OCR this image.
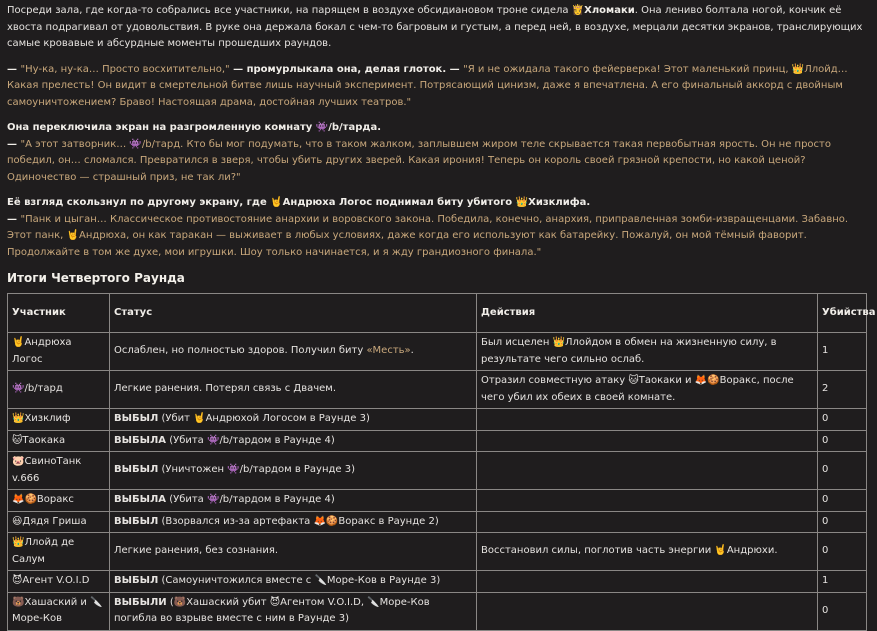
Посреди зала, где когда-то собрались все участники, на парящем в воздухе обсидиановом троне сидела 👸Хломаки. Она лениво болтала ногой, кончик её хвоста подрагивал от удовольствия. В руке она держала бокал с чем-то багровым и густым, а перед ней, в воздухе, мерцали десятки экранов, транслирующих самые кровавые и абсурдные моменты прошедших раундов.

— "Ну-ка, ну-ка… Просто восхитительно," — промурлыкала она, делая глоток. — "Я и не ожидала такого фейерверка! Этот маленький принц, 👑Ллойд… Какая прелесть! Он видит в смертельной битве лишь научный эксперимент. Потрясающий цинизм, даже я впечатлена. А его финальный аккорд с двойным самоуничтожением? Браво! Настоящая драма, достойная лучших театров."

Она переключила экран на разгромленную комнату 👾/b/тарда.
— "А этот затворник… 👾/b/тард. Кто бы мог подумать, что в таком жалком, заплывшем жиром теле скрывается такая первобытная ярость. Он не просто победил, он… сломался. Превратился в зверя, чтобы убить других зверей. Какая ирония! Теперь он король своей грязной крепости, но какой ценой? Одиночество — страшный приз, не так ли?"

Её взгляд скользнул по другому экрану, где 🤘Андрюха Логос поднимал биту убитого 👑Хизклифа.
— "Панк и цыган… Классическое противостояние анархии и воровского закона. Победила, конечно, анархия, приправленная зомби-извращенцами. Забавно. Этот панк, 🤘Андрюха, он как таракан — выживает в любых условиях, даже когда его используют как батарейку. Пожалуй, он мой тёмный фаворит. Продолжайте в том же духе, мои игрушки. Шоу только начинается, и я жду грандиозного финала."

Итоги Четвертого Раунда
Участник	Статус	Действия	Убийства
🤘Андрюха Логос	Ослаблен, но полностью здоров. Получил биту «Месть».	Был исцелен 👑Ллойдом в обмен на жизненную силу, в результате чего сильно ослаб.	1
👾/b/тард	Легкие ранения. Потерял связь с Двачем.	Отразил совместную атаку 🐱Таокаки и 🦊🍪Воракс, после чего убил их обеих в своей комнате.	2
👑Хизклиф	ВЫБЫЛ (Убит 🤘Андрюхой Логосом в Раунде 3)		0
🐱Таокака	ВЫБЫЛА (Убита 👾/b/тардом в Раунде 4)		0
🐷СвиноТанк v.666	ВЫБЫЛ (Уничтожен 👾/b/тардом в Раунде 3)		0
🦊🍪Воракс	ВЫБЫЛА (Убита 👾/b/тардом в Раунде 4)		0
😃Дядя Гриша	ВЫБЫЛ (Взорвался из-за артефакта 🦊🍪Воракс в Раунде 2)		0
👑Ллойд де Салум	Легкие ранения, без сознания.	Восстановил силы, поглотив часть энергии 🤘Андрюхи.	0
😈Агент V.O.I.D	ВЫБЫЛ (Самоуничтожился вместе с 🔪Море-Ков в Раунде 3)		1
🐻Хашаский и 🔪Море-Ков	ВЫБЫЛИ (🐻Хашаский убит 😈Агентом V.O.I.D, 🔪Море-Ков погибла во взрыве вместе с ним в Раунде 3)		0
